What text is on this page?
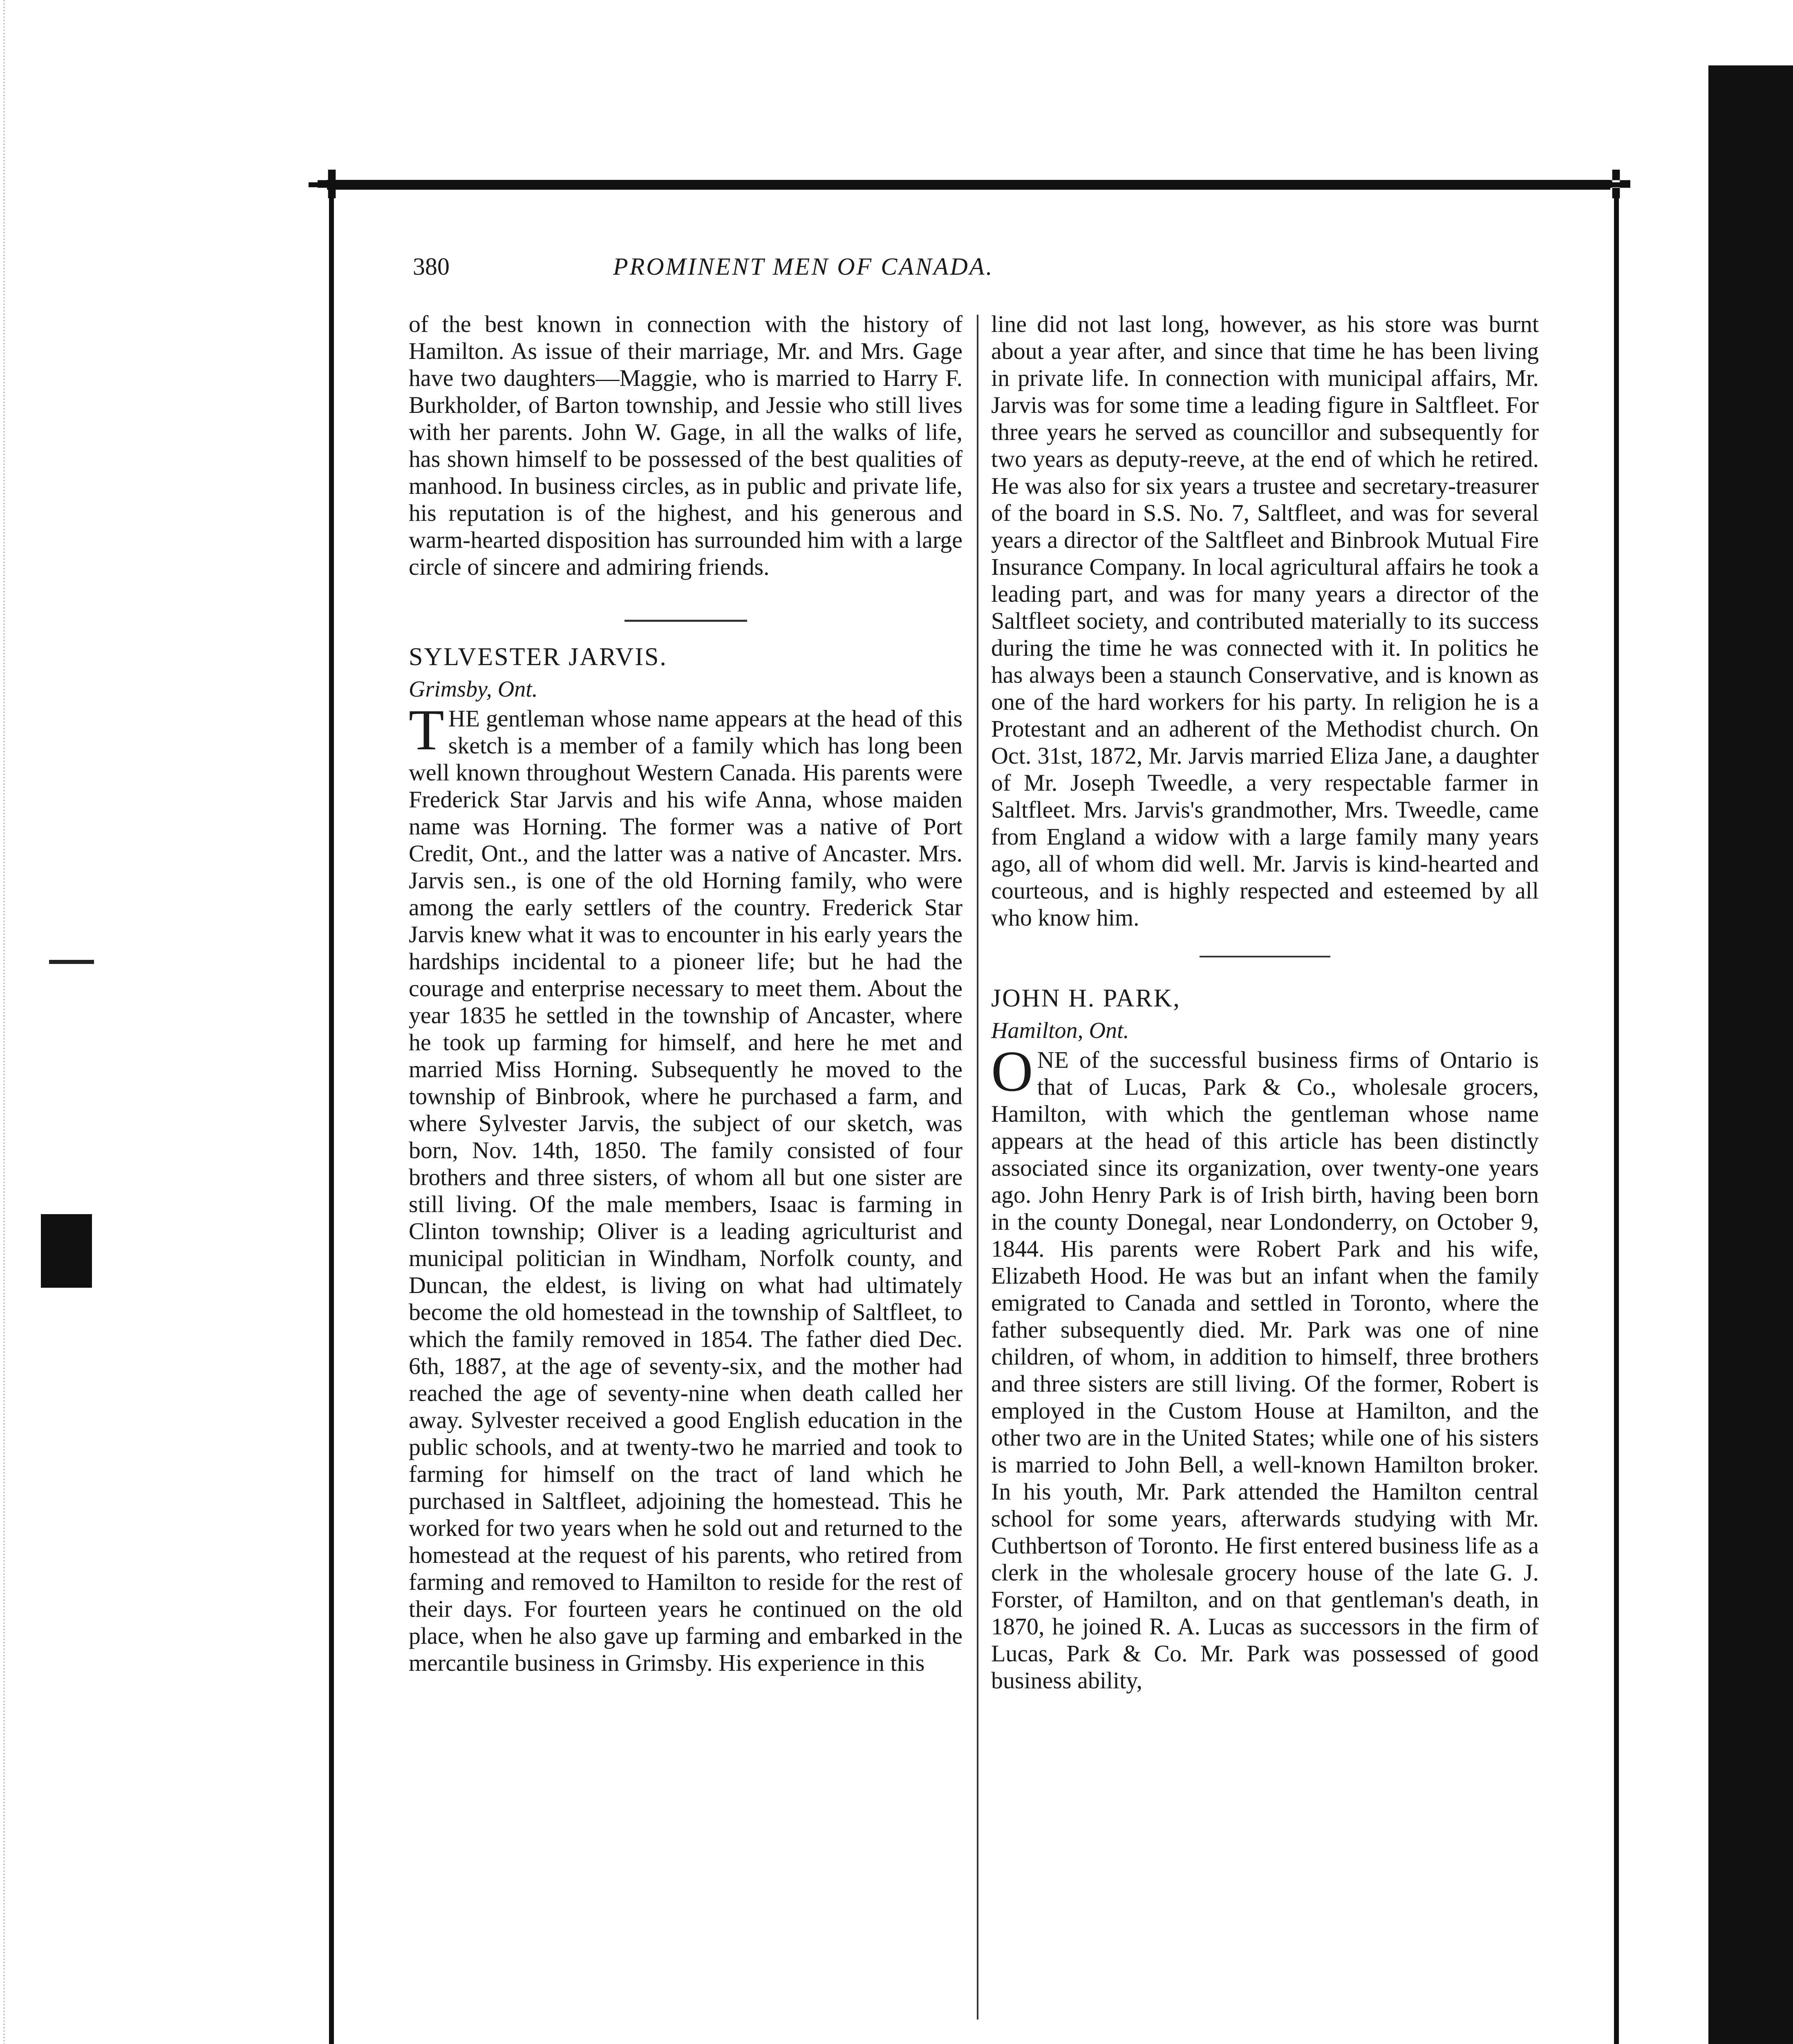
✜	✜
380	PROMINENT MEN OF CANADA.

of the best known in connection with the history of Hamilton. As issue of their marriage, Mr. and Mrs. Gage have two daughters—Maggie, who is married to Harry F. Burkholder, of Barton township, and Jessie who still lives with her parents. John W. Gage, in all the walks of life, has shown himself to be possessed of the best qualities of manhood. In business circles, as in public and private life, his reputation is of the highest, and his generous and warm-hearted disposition has surrounded him with a large circle of sincere and admiring friends.

SYLVESTER JARVIS.

Grimsby, Ont.

THE gentleman whose name appears at the head of this sketch is a member of a family which has long been well known throughout Western Canada. His parents were Frederick Star Jarvis and his wife Anna, whose maiden name was Horning. The former was a native of Port Credit, Ont., and the latter was a native of Ancaster. Mrs. Jarvis sen., is one of the old Horning family, who were among the early settlers of the country. Frederick Star Jarvis knew what it was to encounter in his early years the hardships incidental to a pioneer life; but he had the courage and enterprise necessary to meet them. About the year 1835 he settled in the township of Ancaster, where he took up farming for himself, and here he met and married Miss Horning. Subsequently he moved to the township of Binbrook, where he purchased a farm, and where Sylvester Jarvis, the subject of our sketch, was born, Nov. 14th, 1850. The family consisted of four brothers and three sisters, of whom all but one sister are still living. Of the male members, Isaac is farming in Clinton township; Oliver is a leading agriculturist and municipal politician in Windham, Norfolk county, and Duncan, the eldest, is living on what had ultimately become the old homestead in the township of Saltfleet, to which the family removed in 1854. The father died Dec. 6th, 1887, at the age of seventy-six, and the mother had reached the age of seventy-nine when death called her away. Sylvester received a good English education in the public schools, and at twenty-two he married and took to farming for himself on the tract of land which he purchased in Saltfleet, adjoining the homestead. This he worked for two years when he sold out and returned to the homestead at the request of his parents, who retired from farming and removed to Hamilton to reside for the rest of their days. For fourteen years he continued on the old place, when he also gave up farming and embarked in the mercantile business in Grimsby. His experience in this

line did not last long, however, as his store was burnt about a year after, and since that time he has been living in private life. In connection with municipal affairs, Mr. Jarvis was for some time a leading figure in Saltfleet. For three years he served as councillor and subsequently for two years as deputy-reeve, at the end of which he retired. He was also for six years a trustee and secretary-treasurer of the board in S.S. No. 7, Saltfleet, and was for several years a director of the Saltfleet and Binbrook Mutual Fire Insurance Company. In local agricultural affairs he took a leading part, and was for many years a director of the Saltfleet society, and contributed materially to its success during the time he was connected with it. In politics he has always been a staunch Conservative, and is known as one of the hard workers for his party. In religion he is a Protestant and an adherent of the Methodist church. On Oct. 31st, 1872, Mr. Jarvis married Eliza Jane, a daughter of Mr. Joseph Tweedle, a very respectable farmer in Saltfleet. Mrs. Jarvis's grandmother, Mrs. Tweedle, came from England a widow with a large family many years ago, all of whom did well. Mr. Jarvis is kind-hearted and courteous, and is highly respected and esteemed by all who know him.

JOHN H. PARK,

Hamilton, Ont.

ONE of the successful business firms of Ontario is that of Lucas, Park & Co., wholesale grocers, Hamilton, with which the gentleman whose name appears at the head of this article has been distinctly associated since its organization, over twenty-one years ago. John Henry Park is of Irish birth, having been born in the county Donegal, near Londonderry, on October 9, 1844. His parents were Robert Park and his wife, Elizabeth Hood. He was but an infant when the family emigrated to Canada and settled in Toronto, where the father subsequently died. Mr. Park was one of nine children, of whom, in addition to himself, three brothers and three sisters are still living. Of the former, Robert is employed in the Custom House at Hamilton, and the other two are in the United States; while one of his sisters is married to John Bell, a well-known Hamilton broker. In his youth, Mr. Park attended the Hamilton central school for some years, afterwards studying with Mr. Cuthbertson of Toronto. He first entered business life as a clerk in the wholesale grocery house of the late G. J. Forster, of Hamilton, and on that gentleman's death, in 1870, he joined R. A. Lucas as successors in the firm of Lucas, Park & Co. Mr. Park was possessed of good business ability,
